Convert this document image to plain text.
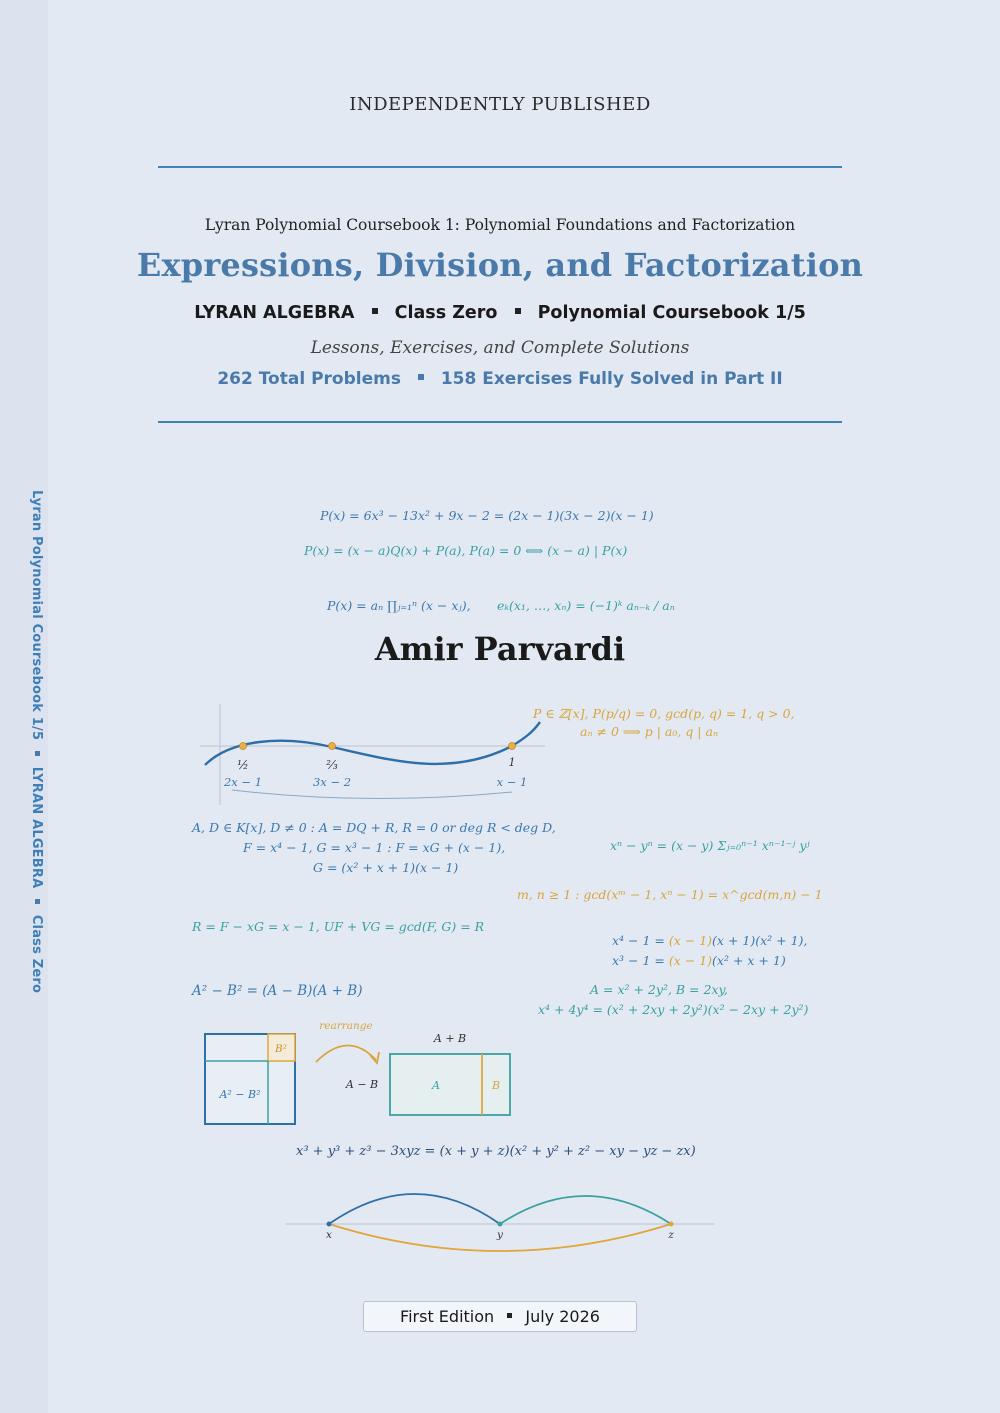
Lyran Polynomial Coursebook 1/5  LYRAN ALGEBRA  Class Zero
INDEPENDENTLY PUBLISHED
Lyran Polynomial Coursebook 1: Polynomial Foundations and Factorization
Expressions, Division, and Factorization
LYRAN ALGEBRA Class Zero Polynomial Coursebook 1/5
Lessons, Exercises, and Complete Solutions
262 Total Problems 158 Exercises Fully Solved in Part II
P(x) = 6x³ − 13x² + 9x − 2 = (2x − 1)(3x − 2)(x − 1)
P(x) = (x − a)Q(x) + P(a), P(a) = 0 ⟺ (x − a) | P(x)
P(x) = aₙ ∏ⱼ₌₁ⁿ (x − xⱼ), eₖ(x₁, …, xₙ) = (−1)ᵏ aₙ₋ₖ / aₙ
Amir Parvardi
P ∈ ℤ[x], P(p/q) = 0, gcd(p, q) = 1, q > 0,
aₙ ≠ 0 ⟹ p | a₀, q | aₙ
A, D ∈ K[x], D ≠ 0 : A = DQ + R, R = 0 or deg R < deg D,
F = x⁴ − 1, G = x³ − 1 : F = xG + (x − 1),
G = (x² + x + 1)(x − 1)
xⁿ − yⁿ = (x − y) Σⱼ₌₀ⁿ⁻¹ xⁿ⁻¹⁻ʲ yʲ
m, n ≥ 1 : gcd(xᵐ − 1, xⁿ − 1) = x^gcd(m,n) − 1
R = F − xG = x − 1, UF + VG = gcd(F, G) = R
x⁴ − 1 = (x − 1)(x + 1)(x² + 1),
x³ − 1 = (x − 1)(x² + x + 1)
A² − B² = (A − B)(A + B)	A = x² + 2y², B = 2xy,
x⁴ + 4y⁴ = (x² + 2xy + 2y²)(x² − 2xy + 2y²)
x³ + y³ + z³ − 3xyz = (x + y + z)(x² + y² + z² − xy − yz − zx)
½	⅔	1
2x − 1	3x − 2	x − 1
B²
A² − B²
rearrange
A + B
A − B	A	B
x	y	z
First Edition July 2026
